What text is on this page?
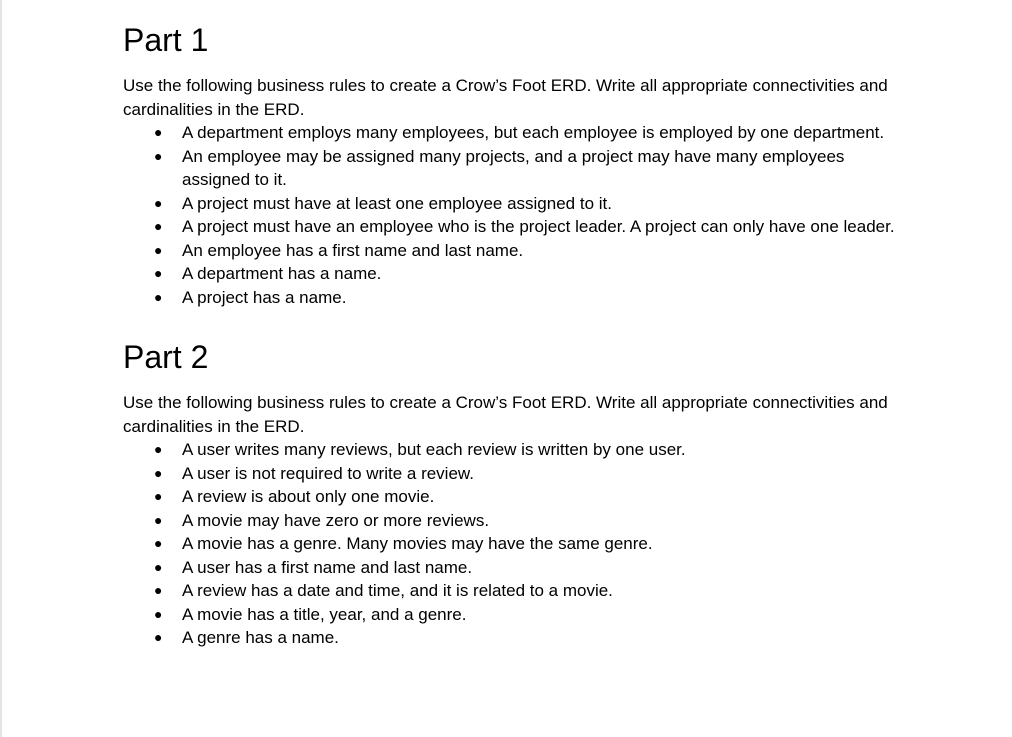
Part 1

Use the following business rules to create a Crow’s Foot ERD. Write all appropriate connectivities and cardinalities in the ERD.

● A department employs many employees, but each employee is employed by one department.
● An employee may be assigned many projects, and a project may have many employees assigned to it.
● A project must have at least one employee assigned to it.
● A project must have an employee who is the project leader. A project can only have one leader.
● An employee has a first name and last name.
● A department has a name.
● A project has a name.
Part 2

Use the following business rules to create a Crow’s Foot ERD. Write all appropriate connectivities and cardinalities in the ERD.

● A user writes many reviews, but each review is written by one user.
● A user is not required to write a review.
● A review is about only one movie.
● A movie may have zero or more reviews.
● A movie has a genre. Many movies may have the same genre.
● A user has a first name and last name.
● A review has a date and time, and it is related to a movie.
● A movie has a title, year, and a genre.
● A genre has a name.
